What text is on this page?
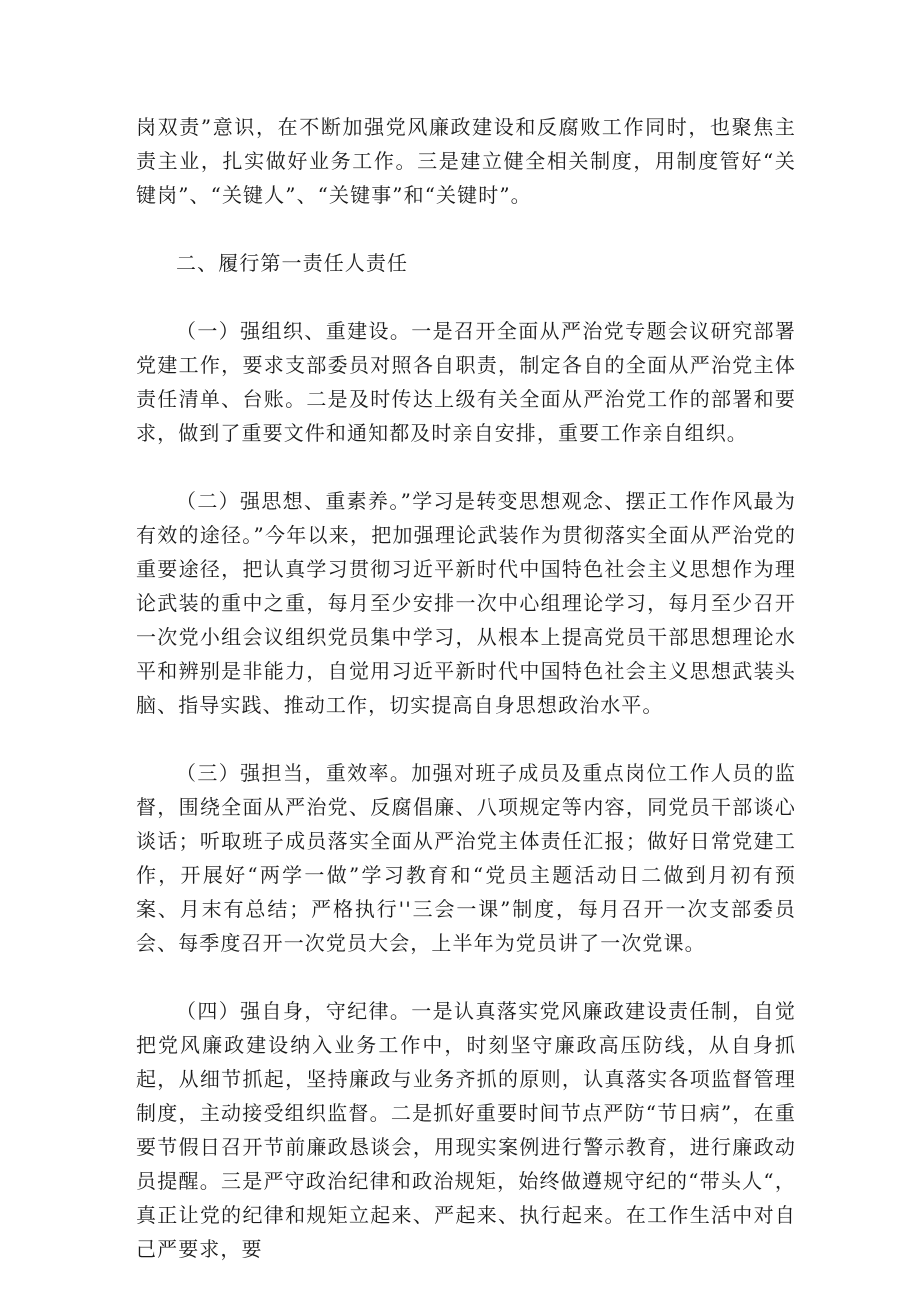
岗双责”意识，在不断加强党风廉政建设和反腐败工作同时，也聚焦主责主业，扎实做好业务工作。三是建立健全相关制度，用制度管好“关键岗”、“关键人”、“关键事”和“关键时”。

二、履行第一责任人责任

（一）强组织、重建设。一是召开全面从严治党专题会议研究部署党建工作，要求支部委员对照各自职责，制定各自的全面从严治党主体责任清单、台账。二是及时传达上级有关全面从严治党工作的部署和要求，做到了重要文件和通知都及时亲自安排，重要工作亲自组织。

（二）强思想、重素养。”学习是转变思想观念、摆正工作作风最为有效的途径。”今年以来，把加强理论武装作为贯彻落实全面从严治党的重要途径，把认真学习贯彻习近平新时代中国特色社会主义思想作为理论武装的重中之重，每月至少安排一次中心组理论学习，每月至少召开一次党小组会议组织党员集中学习，从根本上提高党员干部思想理论水平和辨别是非能力，自觉用习近平新时代中国特色社会主义思想武装头脑、指导实践、推动工作，切实提高自身思想政治水平。

（三）强担当，重效率。加强对班子成员及重点岗位工作人员的监督，围绕全面从严治党、反腐倡廉、八项规定等内容，同党员干部谈心谈话；听取班子成员落实全面从严治党主体责任汇报；做好日常党建工作，开展好“两学一做”学习教育和“党员主题活动日二做到月初有预案、月末有总结；严格执行''三会一课”制度，每月召开一次支部委员会、每季度召开一次党员大会，上半年为党员讲了一次党课。

（四）强自身，守纪律。一是认真落实党风廉政建设责任制，自觉把党风廉政建设纳入业务工作中，时刻坚守廉政高压防线，从自身抓起，从细节抓起，坚持廉政与业务齐抓的原则，认真落实各项监督管理制度，主动接受组织监督。二是抓好重要时间节点严防“节日病”，在重要节假日召开节前廉政恳谈会，用现实案例进行警示教育，进行廉政动员提醒。三是严守政治纪律和政治规矩，始终做遵规守纪的“带头人“，真正让党的纪律和规矩立起来、严起来、执行起来。在工作生活中对自己严要求，要
